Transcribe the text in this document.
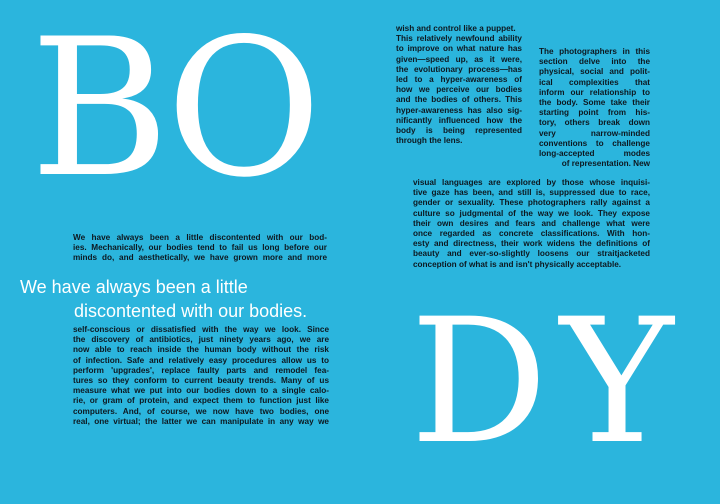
B
O
D Y

We have always been a little discontented with our bod-
ies. Mechanically, our bodies tend to fail us long before our
minds do, and aesthetically, we have grown more and more

We have always been a little
discontented with our bodies.

self-conscious or dissatisfied with the way we look. Since
the discovery of antibiotics, just ninety years ago, we are
now able to reach inside the human body without the risk
of infection. Safe and relatively easy procedures allow us to
perform 'upgrades', replace faulty parts and remodel fea-
tures so they conform to current beauty trends. Many of us
measure what we put into our bodies down to a single calo-
rie, or gram of protein, and expect them to function just like
computers. And, of course, we now have two bodies, one
real, one virtual; the latter we can manipulate in any way we

wish and control like a puppet.
This relatively newfound ability
to improve on what nature has
given—speed up, as it were,
the evolutionary process—has
led to a hyper-awareness of
how we perceive our bodies
and the bodies of others. This
hyper-awareness has also sig-
nificantly influenced how the
body is being represented
through the lens.

The photographers in this
section delve into the
physical, social and polit-
ical complexities that
inform our relationship to
the body. Some take their
starting point from his-
tory, others break down
very narrow-minded
conventions to challenge
long-accepted modes
of representation. New

visual languages are explored by those whose inquisi-
tive gaze has been, and still is, suppressed due to race,
gender or sexuality. These photographers rally against a
culture so judgmental of the way we look. They expose
their own desires and fears and challenge what were
once regarded as concrete classifications. With hon-
esty and directness, their work widens the definitions of
beauty and ever-so-slightly loosens our straitjacketed
conception of what is and isn't physically acceptable.
